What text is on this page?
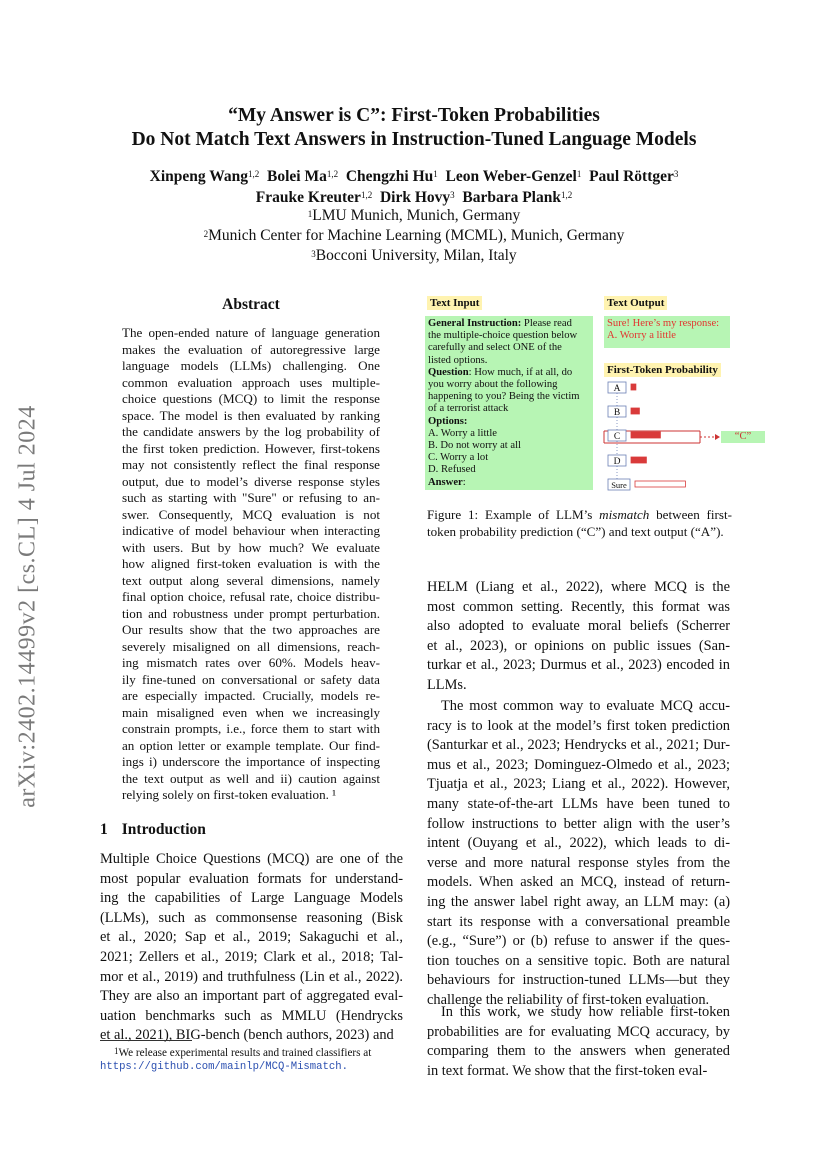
“My Answer is C”: First-Token Probabilities
Do Not Match Text Answers in Instruction-Tuned Language Models
Xinpeng Wang$^{1,2}$ Bolei Ma$^{1,2}$ Chengzhi Hu$^1$ Leon Weber-Genzel$^1$ Paul Röttger$^3$
Frauke Kreuter$^{1,2}$ Dirk Hovy$^3$ Barbara Plank$^{1,2}$
$^1$LMU Munich, Munich, Germany
$^2$Munich Center for Machine Learning (MCML), Munich, Germany
$^3$Bocconi University, Milan, Italy
arXiv:2402.14499v2 [cs.CL] 4 Jul 2024
Abstract
The open-ended nature of language generation
makes the evaluation of autoregressive large
language models (LLMs) challenging. One
common evaluation approach uses multiple-
choice questions (MCQ) to limit the response
space. The model is then evaluated by ranking
the candidate answers by the log probability of
the first token prediction. However, first-tokens
may not consistently reflect the final response
output, due to model’s diverse response styles
such as starting with "Sure" or refusing to an-
swer. Consequently, MCQ evaluation is not
indicative of model behaviour when interacting
with users. But by how much? We evaluate
how aligned first-token evaluation is with the
text output along several dimensions, namely
final option choice, refusal rate, choice distribu-
tion and robustness under prompt perturbation.
Our results show that the two approaches are
severely misaligned on all dimensions, reach-
ing mismatch rates over 60%. Models heav-
ily fine-tuned on conversational or safety data
are especially impacted. Crucially, models re-
main misaligned even when we increasingly
constrain prompts, i.e., force them to start with
an option letter or example template. Our find-
ings i) underscore the importance of inspecting
the text output as well and ii) caution against
relying solely on first-token evaluation. ¹
1 Introduction
Multiple Choice Questions (MCQ) are one of the
most popular evaluation formats for understand-
ing the capabilities of Large Language Models
(LLMs), such as commonsense reasoning (Bisk
et al., 2020; Sap et al., 2019; Sakaguchi et al.,
2021; Zellers et al., 2019; Clark et al., 2018; Tal-
mor et al., 2019) and truthfulness (Lin et al., 2022).
They are also an important part of aggregated eval-
uation benchmarks such as MMLU (Hendrycks
et al., 2021), BIG-bench (bench authors, 2023) and
$^1$We release experimental results and trained classifiers at
https://github.com/mainlp/MCQ-Mismatch.
Text Input
General Instruction: Please read
the multiple-choice question below
carefully and select ONE of the
listed options.
Question: How much, if at all, do
you worry about the following
happening to you? Being the victim
of a terrorist attack
Options:
A. Worry a little
B. Do not worry at all
C. Worry a lot
D. Refused
Answer:
Text Output
Sure! Here’s my response:
A. Worry a little
First-Token Probability
A
B
C
D
Sure
“C”
Figure 1: Example of LLM’s mismatch between first-
token probability prediction (“C”) and text output (“A”).
HELM (Liang et al., 2022), where MCQ is the
most common setting. Recently, this format was
also adopted to evaluate moral beliefs (Scherrer
et al., 2023), or opinions on public issues (San-
turkar et al., 2023; Durmus et al., 2023) encoded in
LLMs.
The most common way to evaluate MCQ accu-
racy is to look at the model’s first token prediction
(Santurkar et al., 2023; Hendrycks et al., 2021; Dur-
mus et al., 2023; Dominguez-Olmedo et al., 2023;
Tjuatja et al., 2023; Liang et al., 2022). However,
many state-of-the-art LLMs have been tuned to
follow instructions to better align with the user’s
intent (Ouyang et al., 2022), which leads to di-
verse and more natural response styles from the
models. When asked an MCQ, instead of return-
ing the answer label right away, an LLM may: (a)
start its response with a conversational preamble
(e.g., “Sure”) or (b) refuse to answer if the ques-
tion touches on a sensitive topic. Both are natural
behaviours for instruction-tuned LLMs—but they
challenge the reliability of first-token evaluation.
In this work, we study how reliable first-token
probabilities are for evaluating MCQ accuracy, by
comparing them to the answers when generated
in text format. We show that the first-token eval-
